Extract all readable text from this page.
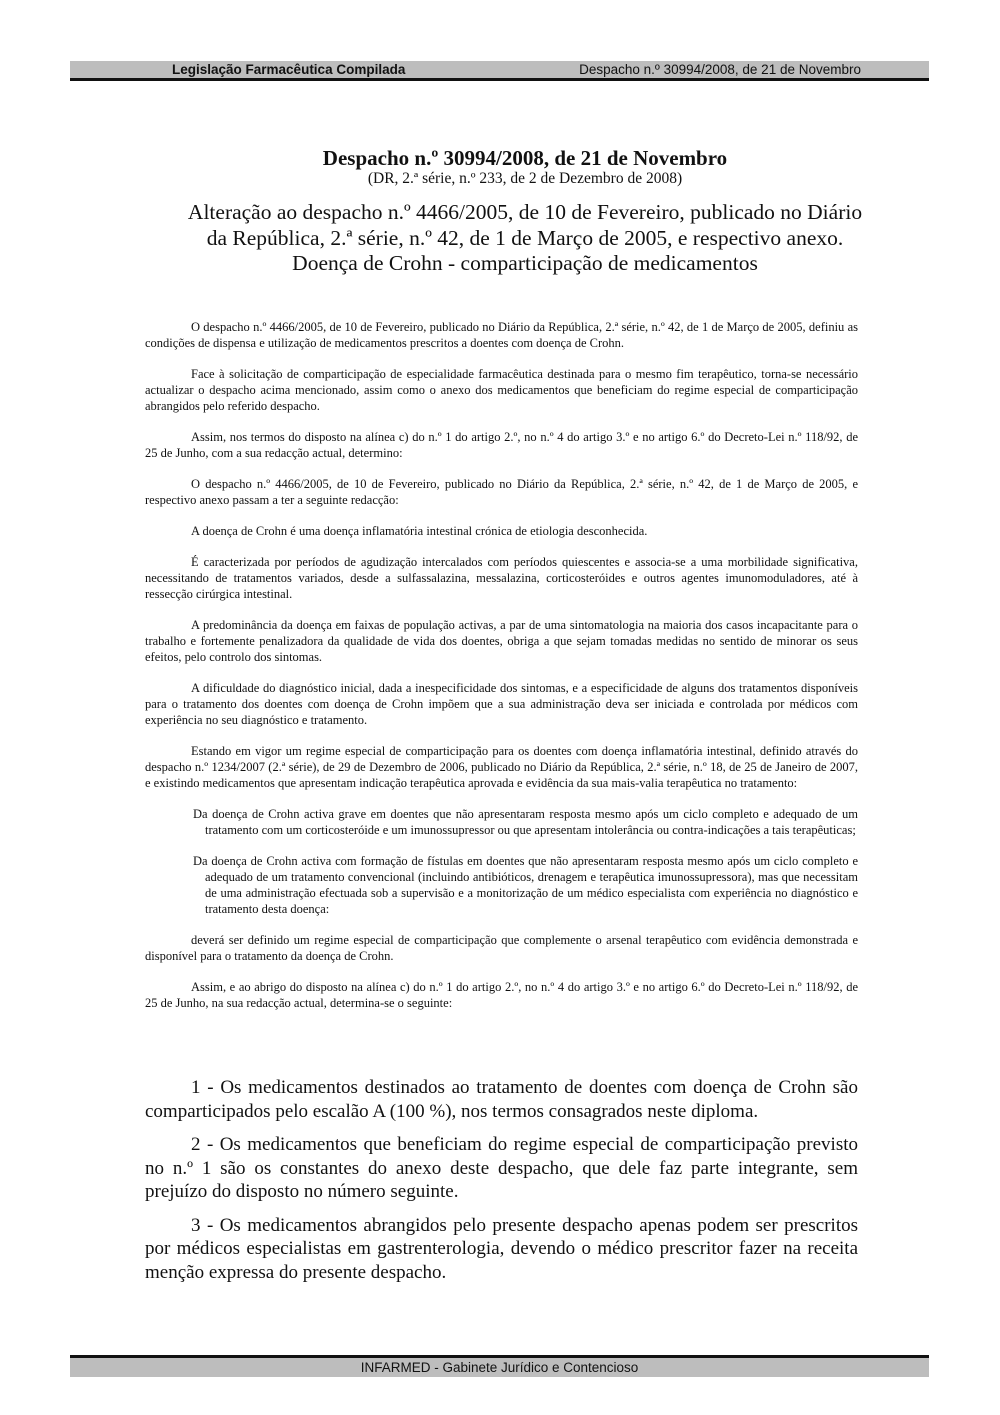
Legislação Farmacêutica Compilada	Despacho n.º 30994/2008, de 21 de Novembro
Despacho n.º 30994/2008, de 21 de Novembro
(DR, 2.ª série, n.º 233, de 2 de Dezembro de 2008)
Alteração ao despacho n.º 4466/2005, de 10 de Fevereiro, publicado no Diário da República, 2.ª série, n.º 42, de 1 de Março de 2005, e respectivo anexo. Doença de Crohn - comparticipação de medicamentos

O despacho n.º 4466/2005, de 10 de Fevereiro, publicado no Diário da República, 2.ª série, n.º 42, de 1 de Março de 2005, definiu as condições de dispensa e utilização de medicamentos prescritos a doentes com doença de Crohn.

Face à solicitação de comparticipação de especialidade farmacêutica destinada para o mesmo fim terapêutico, torna-se necessário actualizar o despacho acima mencionado, assim como o anexo dos medicamentos que beneficiam do regime especial de comparticipação abrangidos pelo referido despacho.

Assim, nos termos do disposto na alínea c) do n.º 1 do artigo 2.º, no n.º 4 do artigo 3.º e no artigo 6.º do Decreto-Lei n.º 118/92, de 25 de Junho, com a sua redacção actual, determino:

O despacho n.º 4466/2005, de 10 de Fevereiro, publicado no Diário da República, 2.ª série, n.º 42, de 1 de Março de 2005, e respectivo anexo passam a ter a seguinte redacção:

A doença de Crohn é uma doença inflamatória intestinal crónica de etiologia desconhecida.

É caracterizada por períodos de agudização intercalados com períodos quiescentes e associa-se a uma morbilidade significativa, necessitando de tratamentos variados, desde a sulfassalazina, messalazina, corticosteróides e outros agentes imunomoduladores, até à ressecção cirúrgica intestinal.

A predominância da doença em faixas de população activas, a par de uma sintomatologia na maioria dos casos incapacitante para o trabalho e fortemente penalizadora da qualidade de vida dos doentes, obriga a que sejam tomadas medidas no sentido de minorar os seus efeitos, pelo controlo dos sintomas.

A dificuldade do diagnóstico inicial, dada a inespecificidade dos sintomas, e a especificidade de alguns dos tratamentos disponíveis para o tratamento dos doentes com doença de Crohn impõem que a sua administração deva ser iniciada e controlada por médicos com experiência no seu diagnóstico e tratamento.

Estando em vigor um regime especial de comparticipação para os doentes com doença inflamatória intestinal, definido através do despacho n.º 1234/2007 (2.ª série), de 29 de Dezembro de 2006, publicado no Diário da República, 2.ª série, n.º 18, de 25 de Janeiro de 2007, e existindo medicamentos que apresentam indicação terapêutica aprovada e evidência da sua mais-valia terapêutica no tratamento:

Da doença de Crohn activa grave em doentes que não apresentaram resposta mesmo após um ciclo completo e adequado de um tratamento com um corticosteróide e um imunossupressor ou que apresentam intolerância ou contra-indicações a tais terapêuticas;

Da doença de Crohn activa com formação de fístulas em doentes que não apresentaram resposta mesmo após um ciclo completo e adequado de um tratamento convencional (incluindo antibióticos, drenagem e terapêutica imunossupressora), mas que necessitam de uma administração efectuada sob a supervisão e a monitorização de um médico especialista com experiência no diagnóstico e tratamento desta doença:

deverá ser definido um regime especial de comparticipação que complemente o arsenal terapêutico com evidência demonstrada e disponível para o tratamento da doença de Crohn.

Assim, e ao abrigo do disposto na alínea c) do n.º 1 do artigo 2.º, no n.º 4 do artigo 3.º e no artigo 6.º do Decreto-Lei n.º 118/92, de 25 de Junho, na sua redacção actual, determina-se o seguinte:

1 - Os medicamentos destinados ao tratamento de doentes com doença de Crohn são comparticipados pelo escalão A (100 %), nos termos consagrados neste diploma.

2 - Os medicamentos que beneficiam do regime especial de comparticipação previsto no n.º 1 são os constantes do anexo deste despacho, que dele faz parte integrante, sem prejuízo do disposto no número seguinte.

3 - Os medicamentos abrangidos pelo presente despacho apenas podem ser prescritos por médicos especialistas em gastrenterologia, devendo o médico prescritor fazer na receita menção expressa do presente despacho.

INFARMED - Gabinete Jurídico e Contencioso
